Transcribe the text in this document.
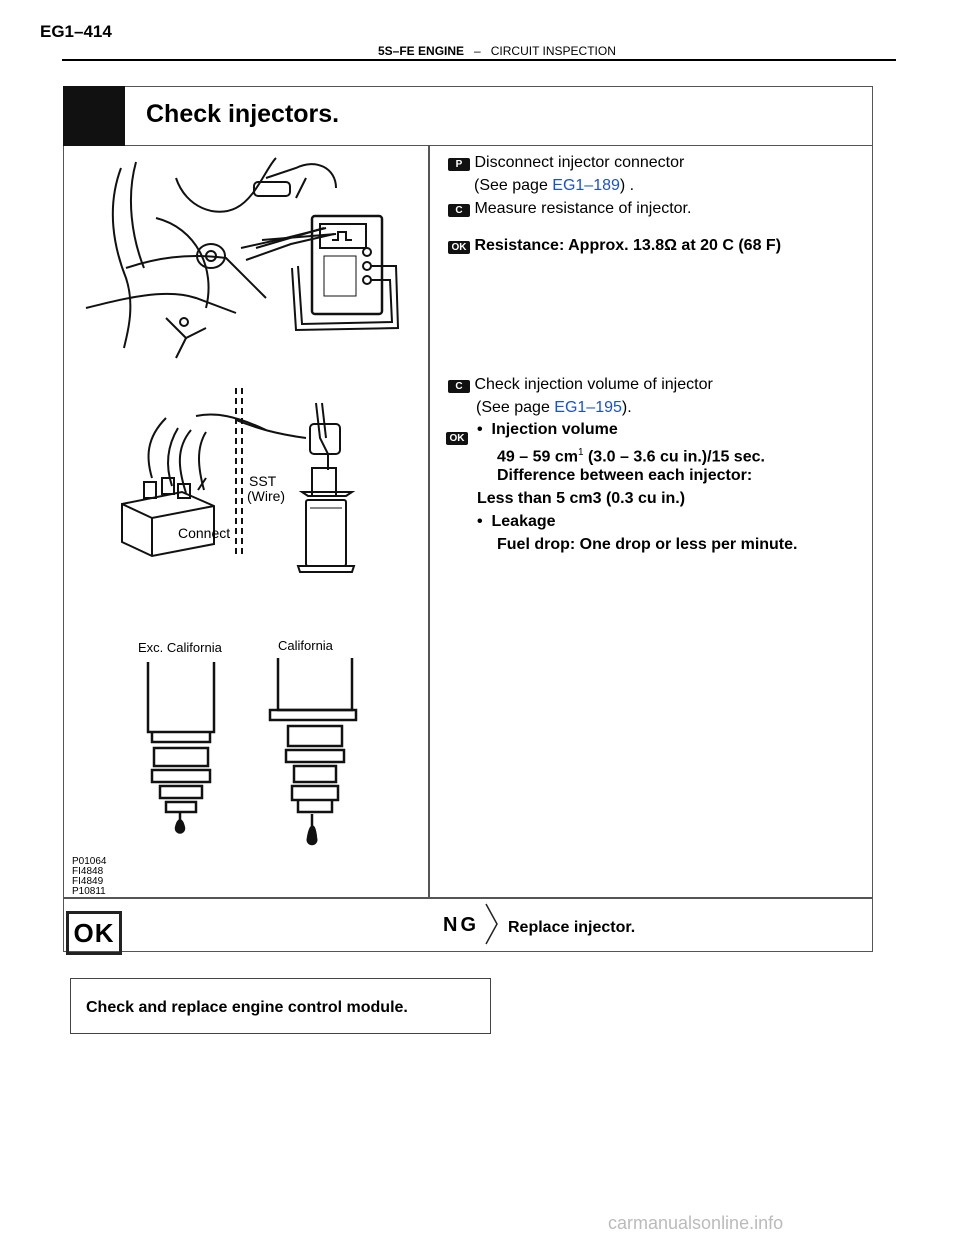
EG1–414
5S–FE ENGINE – CIRCUIT INSPECTION
Check injectors.
SST
(Wire)
Connect
Exc. California	California
P01064
FI4848
FI4849
P10811
P Disconnect injector connector
(See page EG1–189) .
C Measure resistance of injector.
OK Resistance: Approx. 13.8Ω at 20 C (68 F)
C Check injection volume of injector
(See page EG1–195).
OK
• Injection volume
49 – 59 $cm^1$ (3.0 – 3.6 cu in.)/15 sec.
Difference between each injector:
Less than 5 cm3 (0.3 cu in.)
• Leakage
Fuel drop: One drop or less per minute.
OK	NG Replace injector.
Check and replace engine control module.
carmanualsonline.info
